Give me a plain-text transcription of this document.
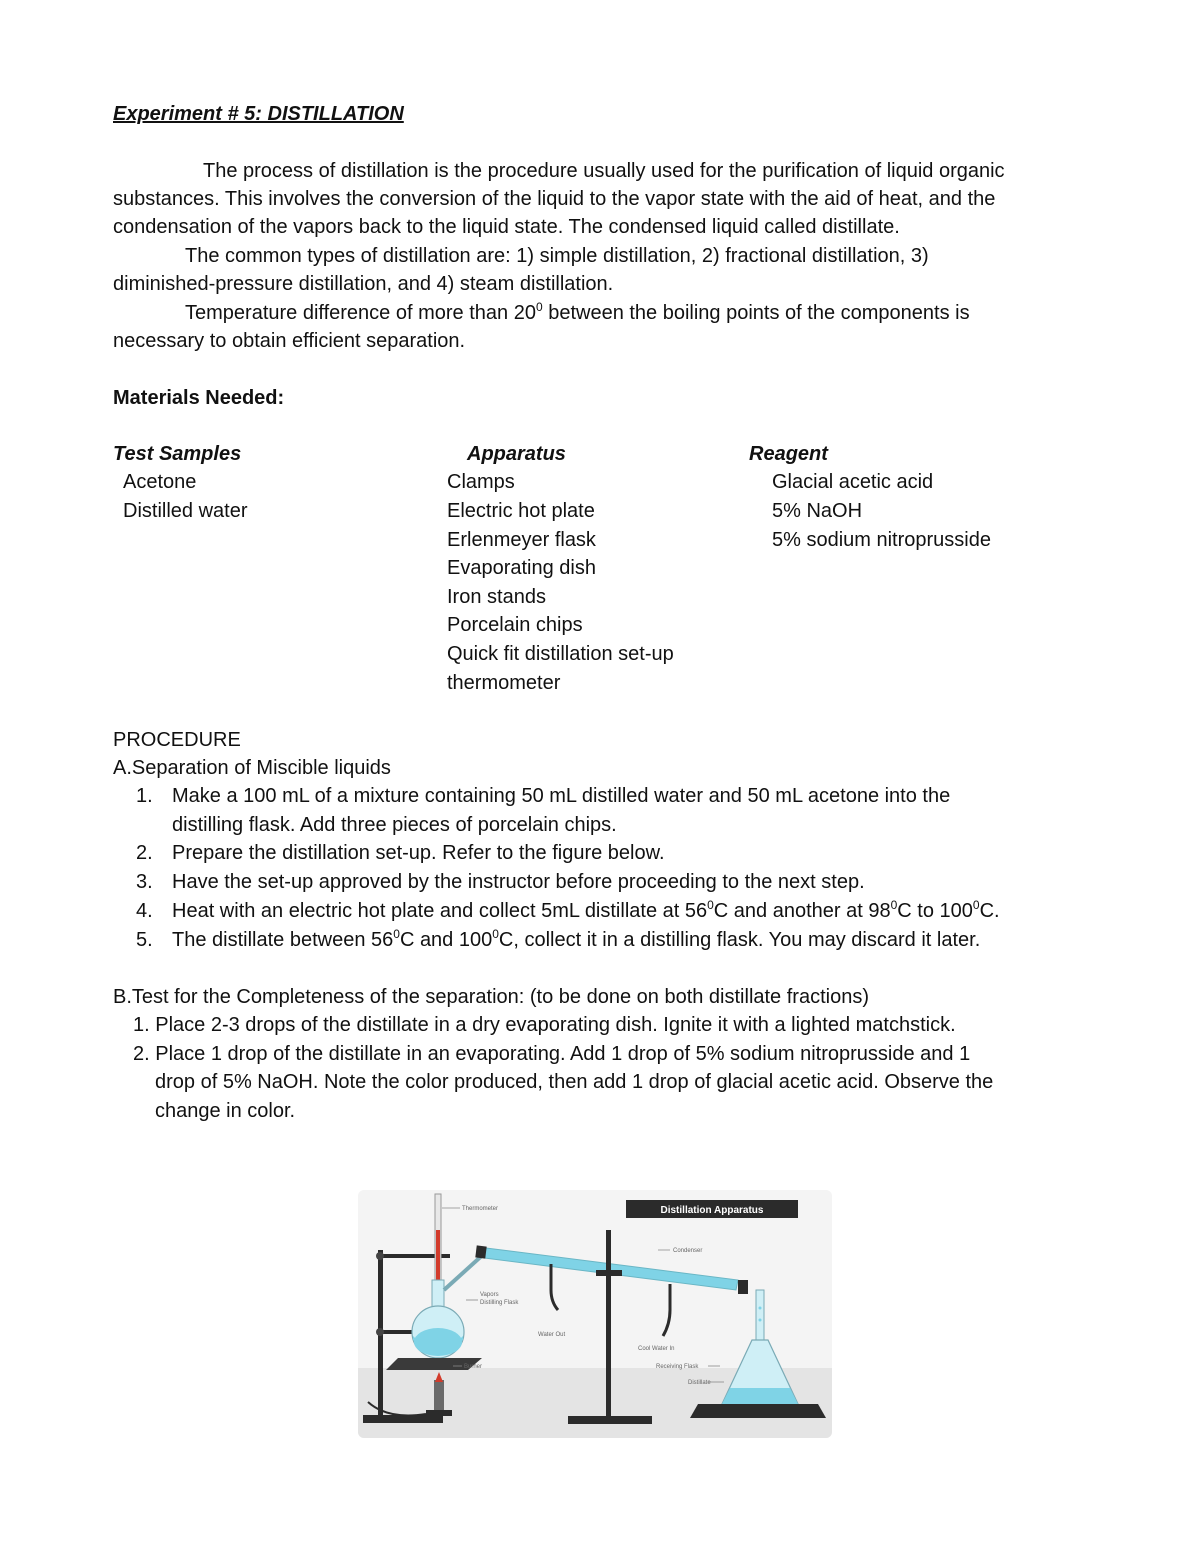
Experiment # 5: DISTILLATION
The process of distillation is the procedure usually used for the purification of liquid organic
substances. This involves the conversion of the liquid to the vapor state with the aid of heat, and the
condensation of the vapors back to the liquid state. The condensed liquid called distillate.
The common types of distillation are: 1) simple distillation, 2) fractional distillation, 3)
diminished-pressure distillation, and 4) steam distillation.
Temperature difference of more than $20^0$ between the boiling points of the components is
necessary to obtain efficient separation.
Materials Needed:
Test Samples	Apparatus	Reagent
Acetone
Distilled water
Clamps
Electric hot plate
Erlenmeyer flask
Evaporating dish
Iron stands
Porcelain chips
Quick fit distillation set-up
thermometer
Glacial acetic acid
5% NaOH
5% sodium nitroprusside
PROCEDURE
A.Separation of Miscible liquids
1. Make a 100 mL of a mixture containing 50 mL distilled water and 50 mL acetone into the
distilling flask. Add three pieces of porcelain chips.
2. Prepare the distillation set-up. Refer to the figure below.
3. Have the set-up approved by the instructor before proceeding to the next step.
4. Heat with an electric hot plate and collect 5mL distillate at $56^0C$ and another at $98^0C$ to $100^0C$.
5. The distillate between $56^0C$ and $100^0C$, collect it in a distilling flask. You may discard it later.
B.Test for the Completeness of the separation: (to be done on both distillate fractions)
1. Place 2-3 drops of the distillate in a dry evaporating dish. Ignite it with a lighted matchstick.
2. Place 1 drop of the distillate in an evaporating. Add 1 drop of 5% sodium nitroprusside and 1
drop of 5% NaOH. Note the color produced, then add 1 drop of glacial acetic acid. Observe the
change in color.
Distillation Apparatus
Thermometer
Vapors
Distilling Flask
Burner
Condenser
Water Out
Cool Water In
Receiving Flask
Distillate
